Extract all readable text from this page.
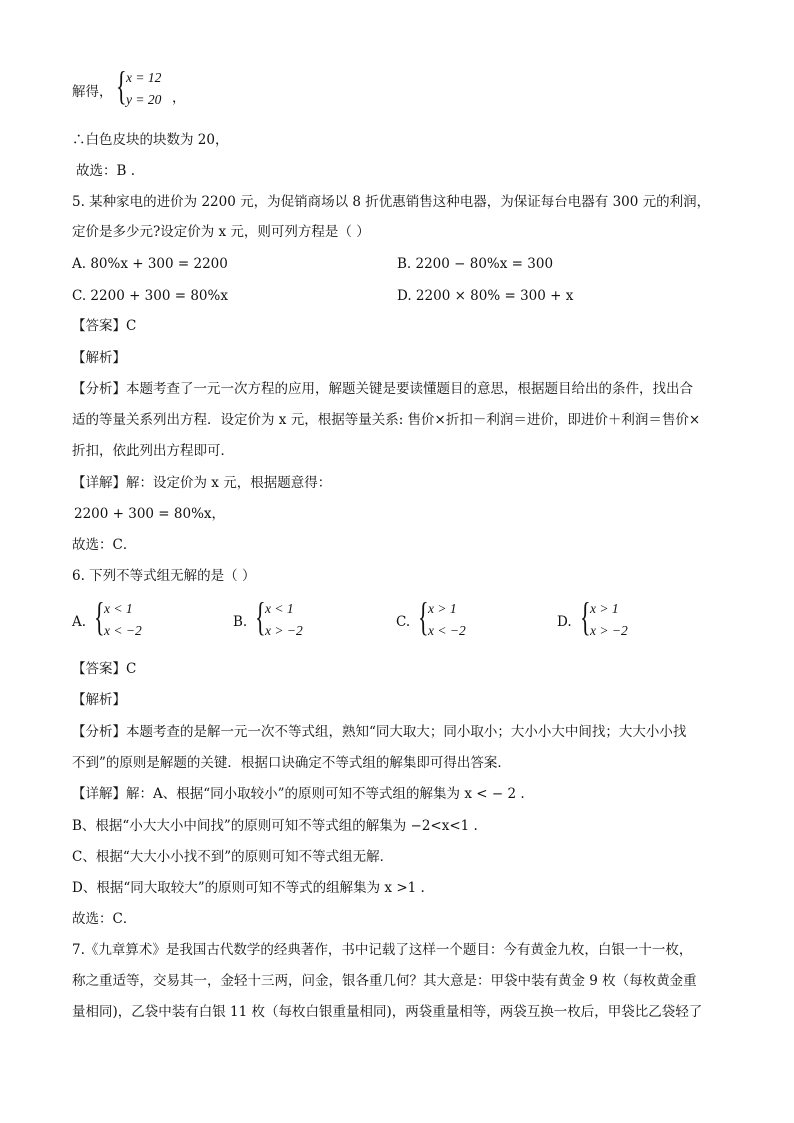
解得， { x = 12
y = 20 ，
∴白色皮块的块数为 20，
故选：B .
5. 某种家电的进价为 2200 元，为促销商场以 8 折优惠销售这种电器，为保证每台电器有 300 元的利润，
定价是多少元?设定价为 x 元，则可列方程是（ ）
A. 80%x + 300 = 2200	B. 2200 − 80%x = 300
C. 2200 + 300 = 80%x	D. 2200 × 80% = 300 + x
【答案】C
【解析】
【分析】本题考查了一元一次方程的应用，解题关键是要读懂题目的意思，根据题目给出的条件，找出合
适的等量关系列出方程．设定价为 x 元，根据等量关系: 售价×折扣－利润＝进价，即进价＋利润＝售价×
折扣，依此列出方程即可．
【详解】解：设定价为 x 元，根据题意得：
2200 + 300 = 80%x，
故选：C．
6. 下列不等式组无解的是（ ）
A. { x < 1
x < −2
B. { x < 1
x > −2
C. { x > 1
x < −2
D. { x > 1
x > −2
【答案】C
【解析】
【分析】本题考查的是解一元一次不等式组，熟知“同大取大；同小取小；大小小大中间找；大大小小找
不到”的原则是解题的关键．根据口诀确定不等式组的解集即可得出答案．
【详解】解：A、根据“同小取较小”的原则可知不等式组的解集为 x < − 2 .
B、根据“小大大小中间找”的原则可知不等式组的解集为 −2<x<1 .
C、根据“大大小小找不到”的原则可知不等式组无解．
D、根据“同大取较大”的原则可知不等式的组解集为 x >1 .
故选：C．
7.《九章算术》是我国古代数学的经典著作，书中记载了这样一个题目：今有黄金九枚，白银一十一枚，
称之重适等，交易其一，金轻十三两，问金，银各重几何？其大意是：甲袋中装有黄金 9 枚（每枚黄金重
量相同)，乙袋中装有白银 11 枚（每枚白银重量相同)，两袋重量相等，两袋互换一枚后，甲袋比乙袋轻了
